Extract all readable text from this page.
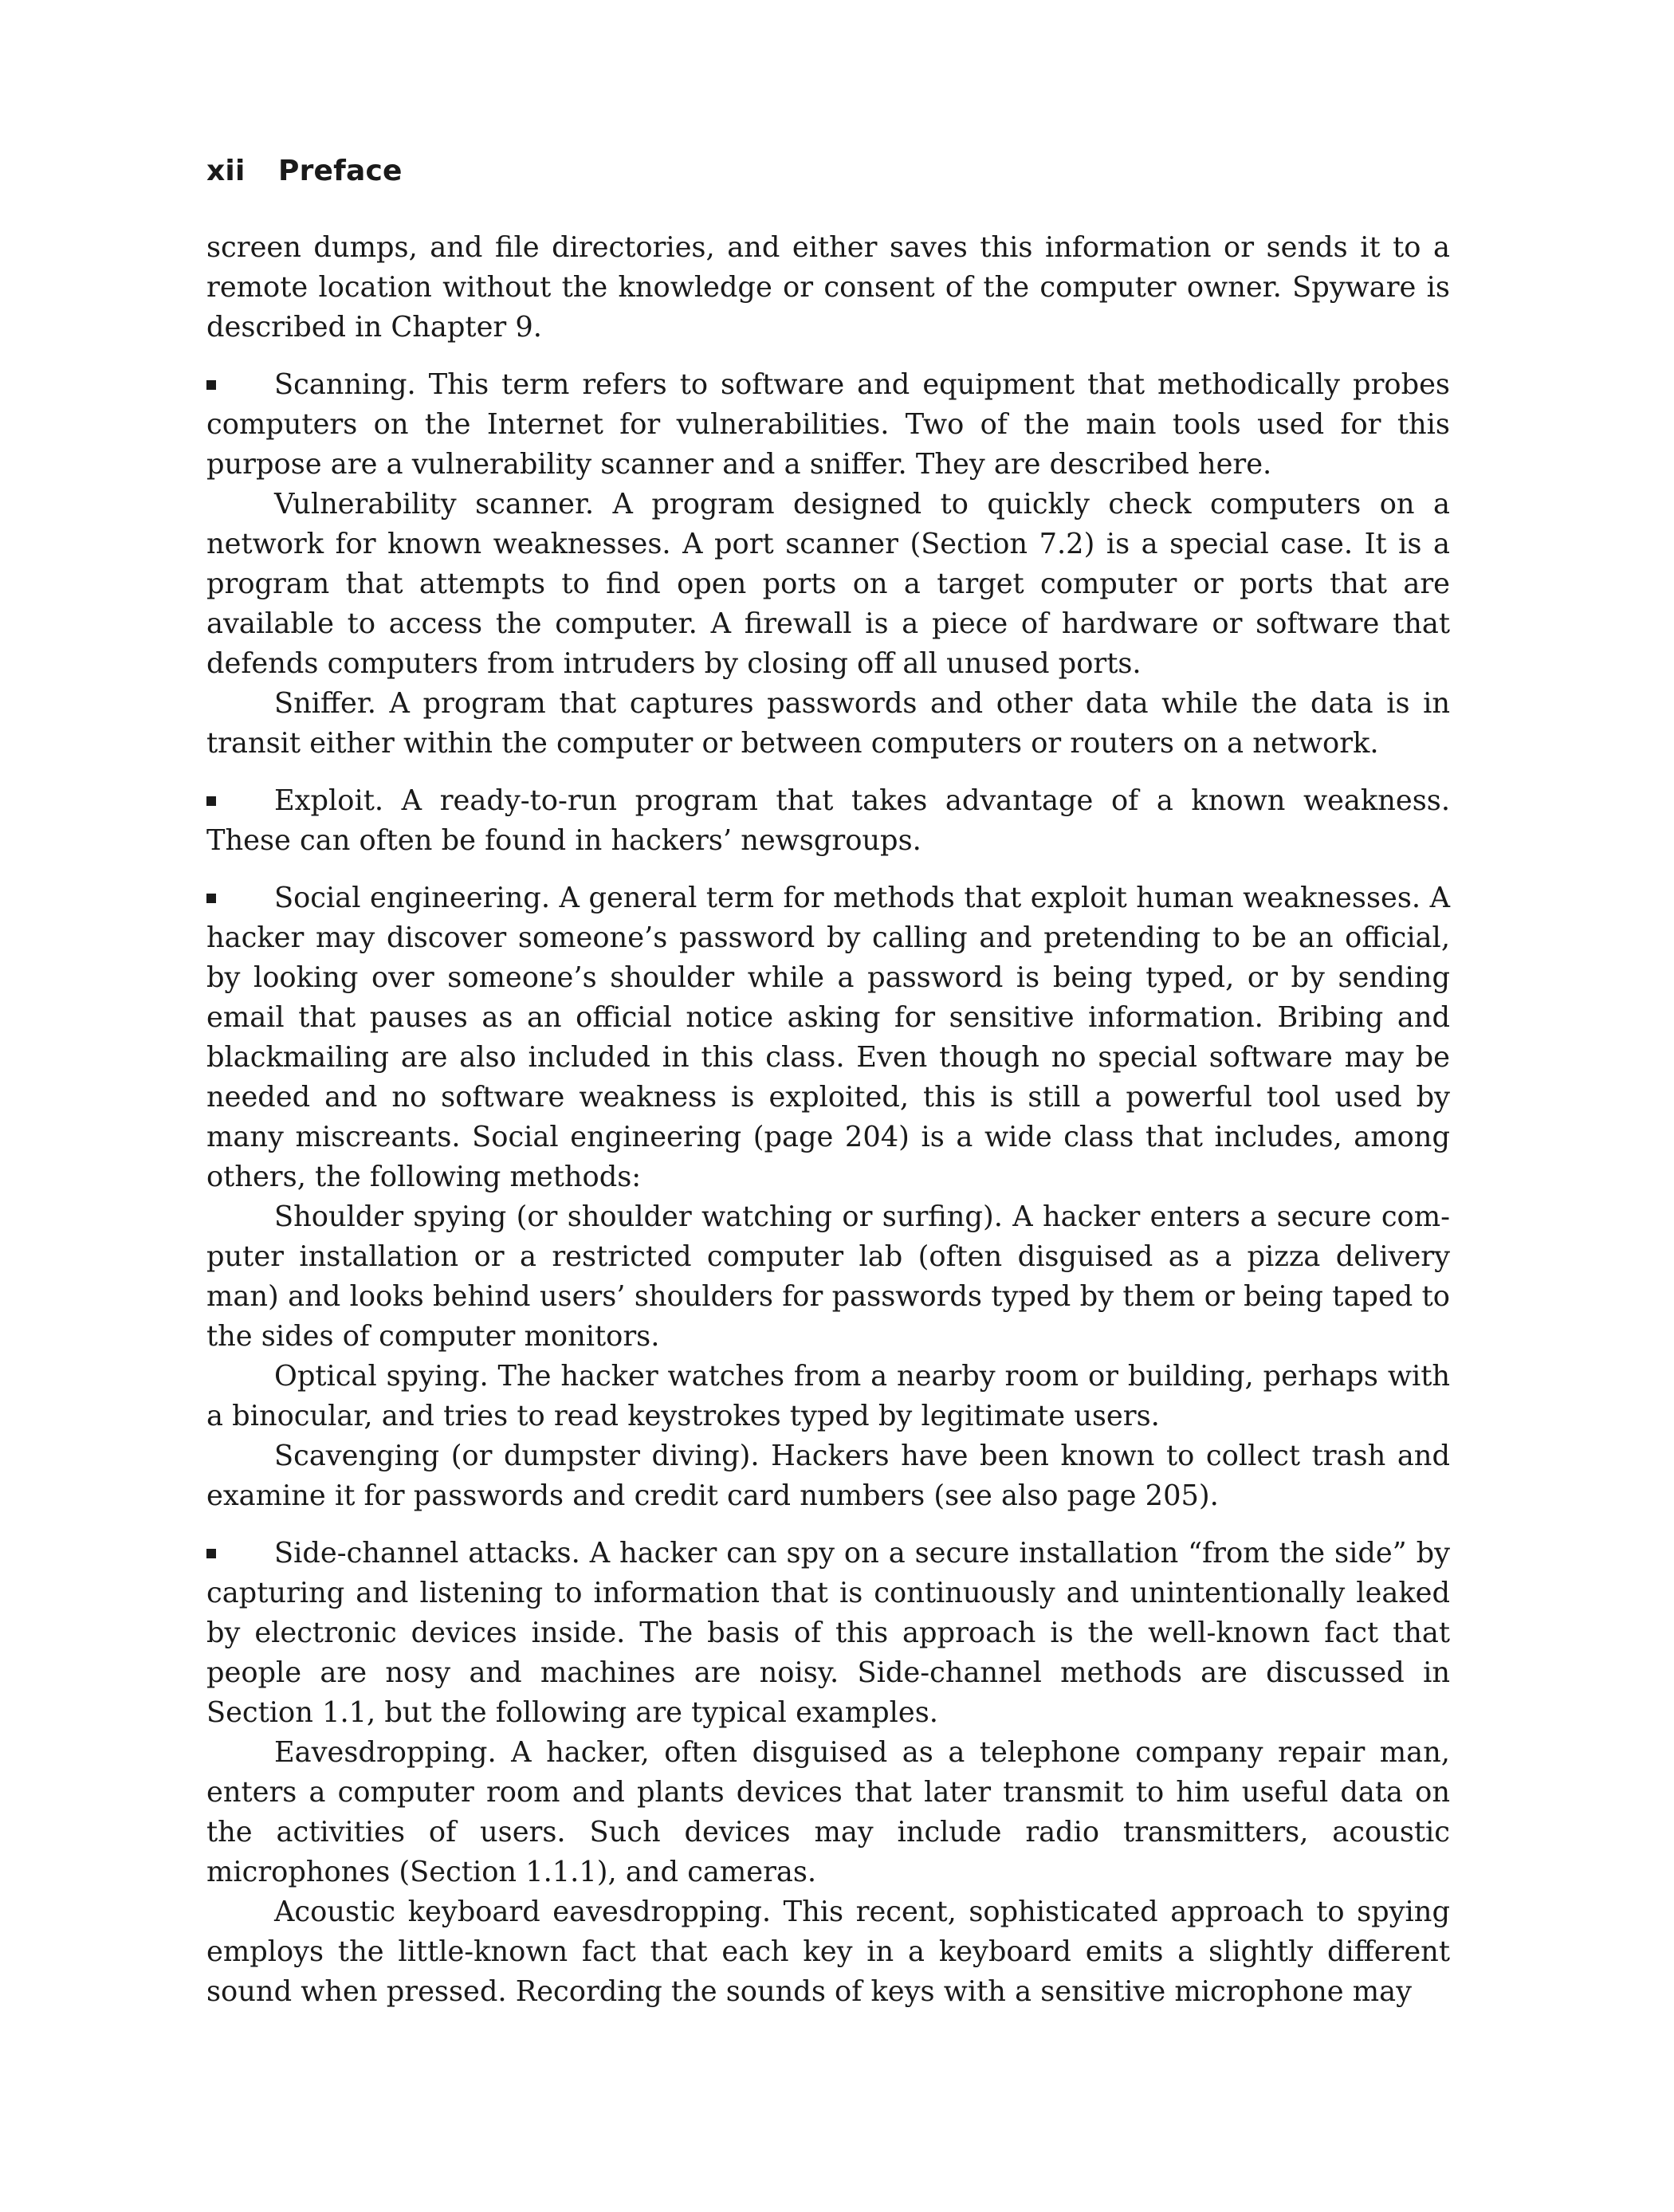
xii Preface

screen dumps, and file directories, and either saves this information or sends it to a remote location without the knowledge or consent of the computer owner. Spyware is described in Chapter 9.

Scanning. This term refers to software and equipment that methodically probes computers on the Internet for vulnerabilities. Two of the main tools used for this purpose are a vulnerability scanner and a sniffer. They are described here.

Vulnerability scanner. A program designed to quickly check computers on a network for known weaknesses. A port scanner (Section 7.2) is a special case. It is a program that attempts to find open ports on a target computer or ports that are available to access the computer. A firewall is a piece of hardware or software that defends computers from intruders by closing off all unused ports.

Sniffer. A program that captures passwords and other data while the data is in transit either within the computer or between computers or routers on a network.

Exploit. A ready-to-run program that takes advantage of a known weakness. These can often be found in hackers’ newsgroups.

Social engineering. A general term for methods that exploit human weaknesses. A hacker may discover someone’s password by calling and pretending to be an official, by looking over someone’s shoulder while a password is being typed, or by sending email that pauses as an official notice asking for sensitive information. Bribing and blackmailing are also included in this class. Even though no special software may be needed and no software weakness is exploited, this is still a powerful tool used by many miscreants. Social engineering (page 204) is a wide class that includes, among others, the following methods:

Shoulder spying (or shoulder watching or surfing). A hacker enters a secure computer installation or a restricted computer lab (often disguised as a pizza delivery man) and looks behind users’ shoulders for passwords typed by them or being taped to the sides of computer monitors.

Optical spying. The hacker watches from a nearby room or building, perhaps with a binocular, and tries to read keystrokes typed by legitimate users.

Scavenging (or dumpster diving). Hackers have been known to collect trash and examine it for passwords and credit card numbers (see also page 205).

Side-channel attacks. A hacker can spy on a secure installation “from the side” by capturing and listening to information that is continuously and unintentionally leaked by electronic devices inside. The basis of this approach is the well-known fact that people are nosy and machines are noisy. Side-channel methods are discussed in Section 1.1, but the following are typical examples.

Eavesdropping. A hacker, often disguised as a telephone company repair man, enters a computer room and plants devices that later transmit to him useful data on the activities of users. Such devices may include radio transmitters, acoustic microphones (Section 1.1.1), and cameras.

Acoustic keyboard eavesdropping. This recent, sophisticated approach to spying employs the little-known fact that each key in a keyboard emits a slightly different sound when pressed. Recording the sounds of keys with a sensitive microphone may
